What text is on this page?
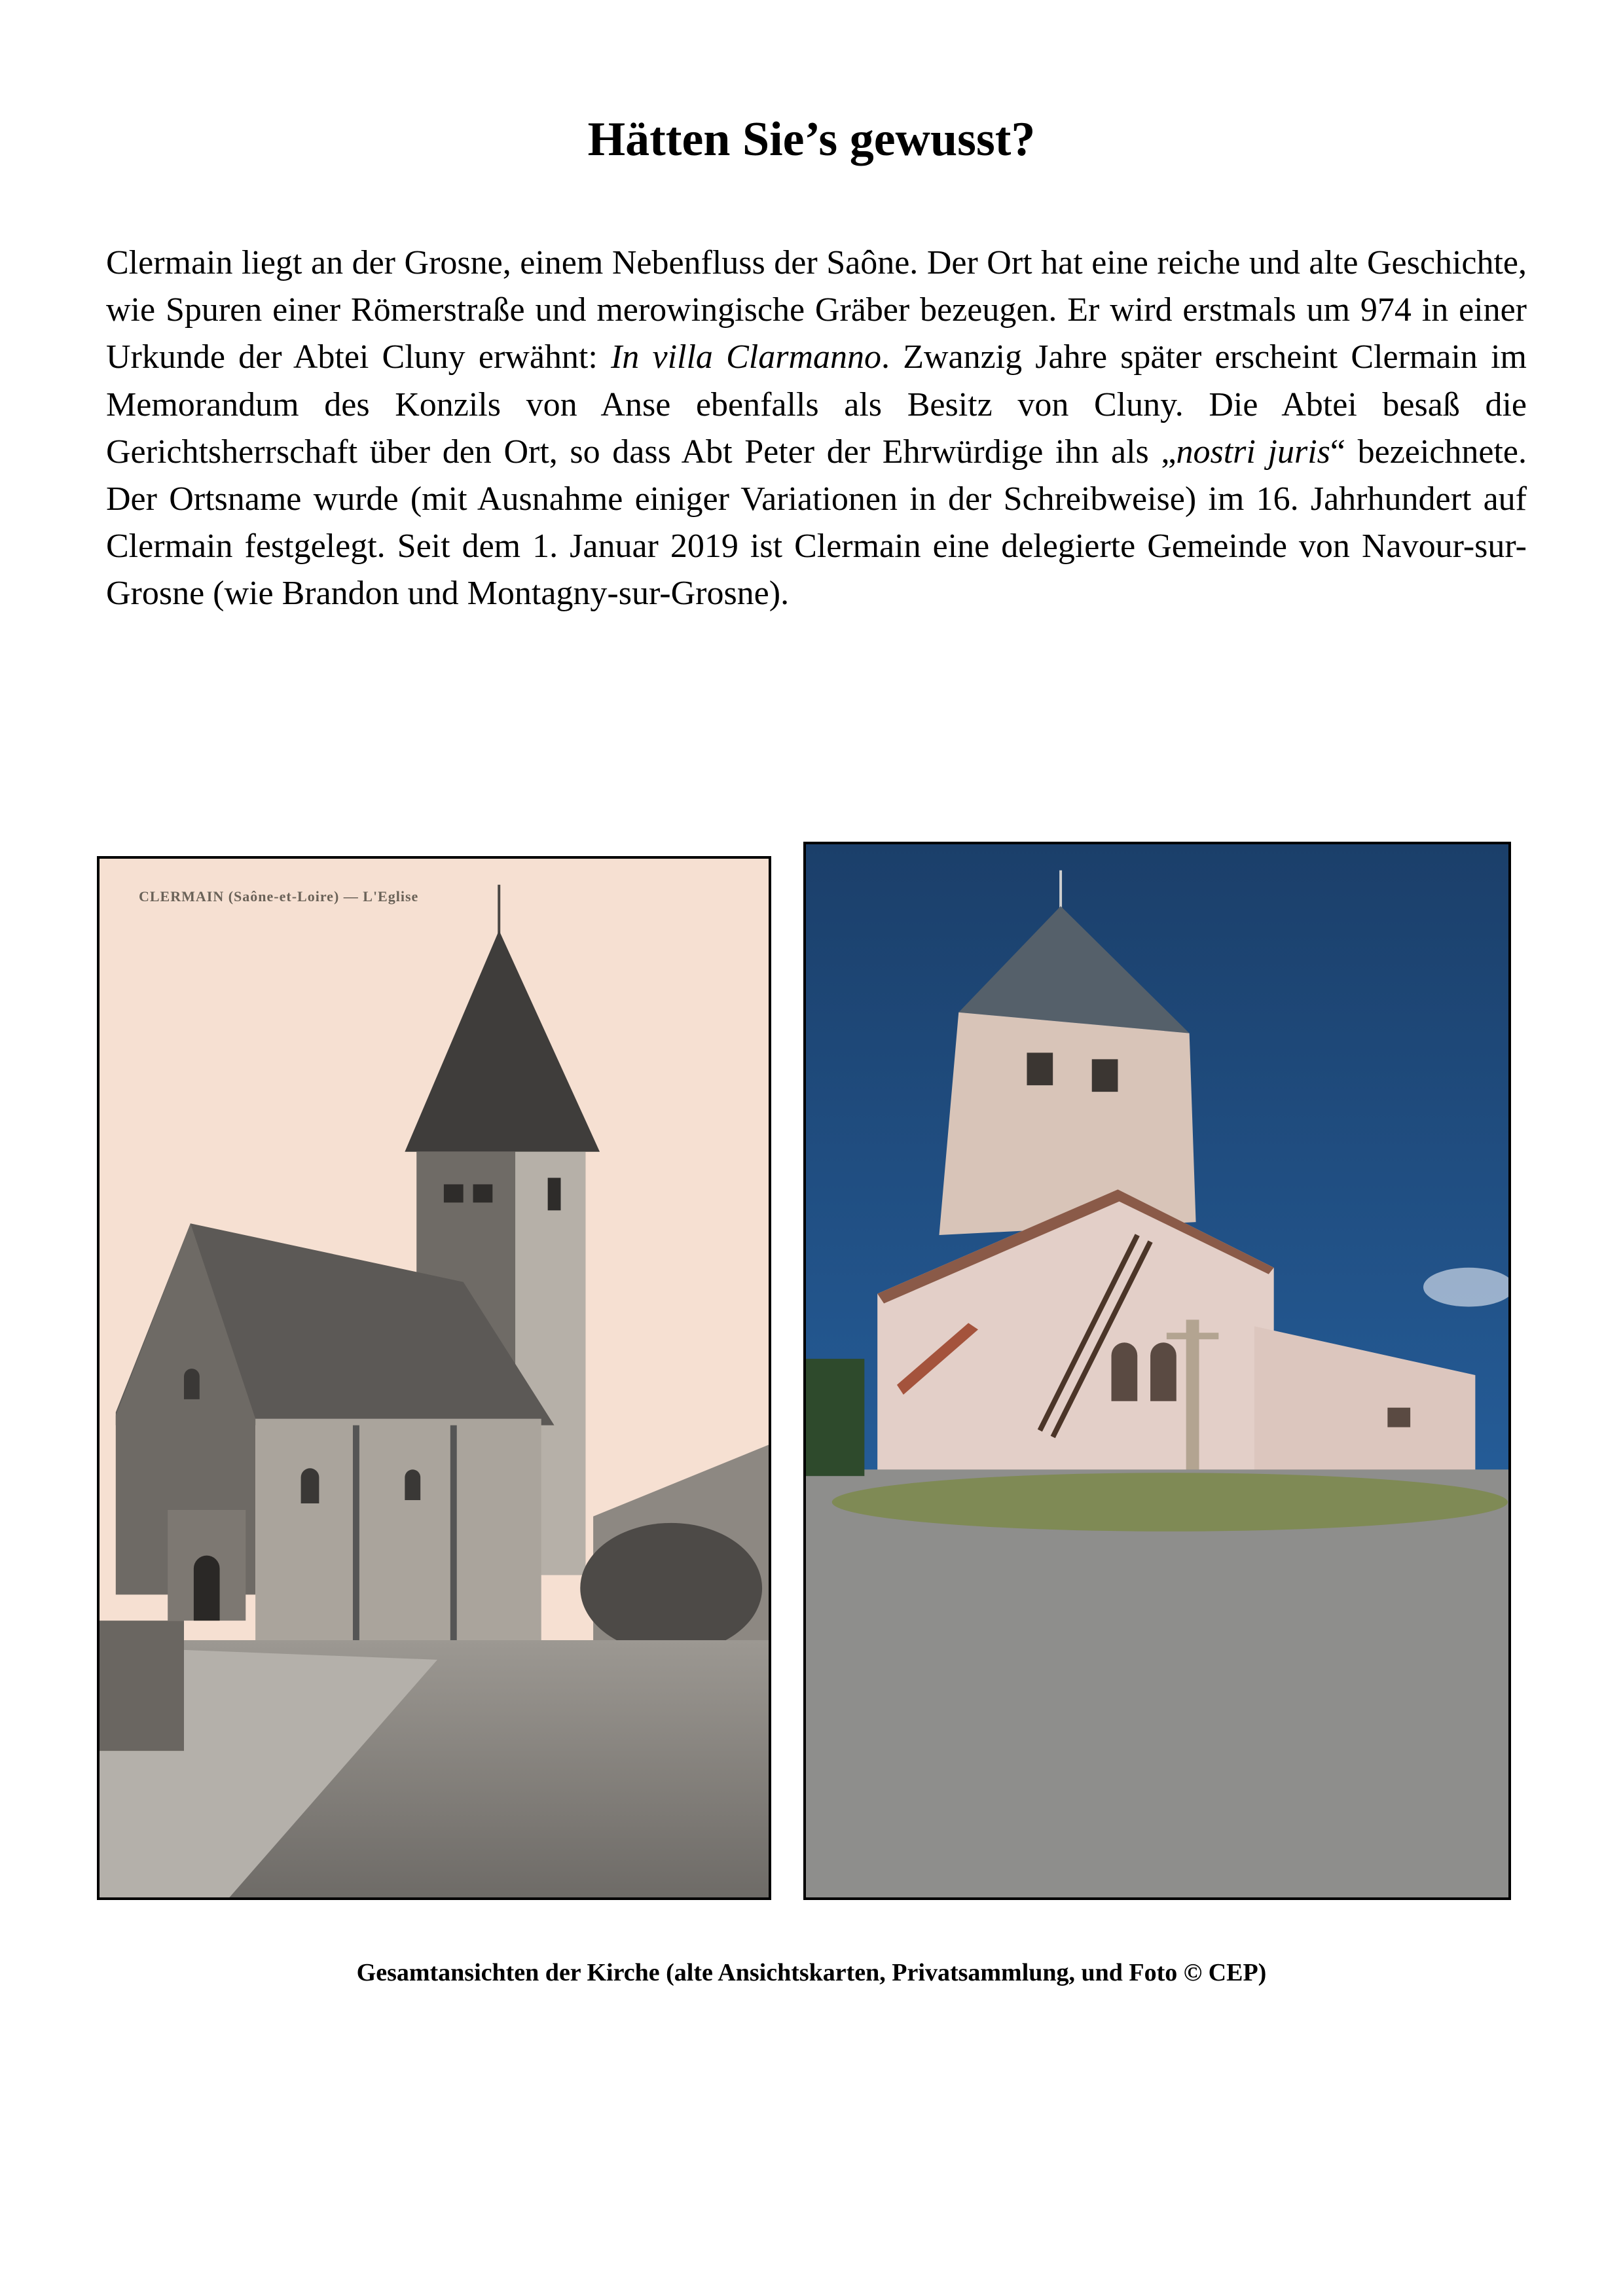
Hätten Sie’s gewusst?

Clermain liegt an der Grosne, einem Nebenfluss der Saône. Der Ort hat eine reiche und alte Geschichte, wie Spuren einer Römerstraße und merowingische Gräber bezeugen. Er wird erstmals um 974 in einer Urkunde der Abtei Cluny erwähnt: In villa Clarmanno. Zwanzig Jahre später erscheint Clermain im Memorandum des Konzils von Anse ebenfalls als Besitz von Cluny. Die Abtei besaß die Gerichtsherrschaft über den Ort, so dass Abt Peter der Ehrwürdige ihn als „nostri juris“ bezeichnete. Der Ortsname wurde (mit Ausnahme einiger Variationen in der Schreibweise) im 16. Jahrhundert auf Clermain festgelegt. Seit dem 1. Januar 2019 ist Clermain eine delegierte Gemeinde von Navour-sur-Grosne (wie Brandon und Montagny-sur-Grosne).

CLERMAIN (Saône-et-Loire) — L'Eglise

Gesamtansichten der Kirche (alte Ansichtskarten, Privatsammlung, und Foto © CEP)
